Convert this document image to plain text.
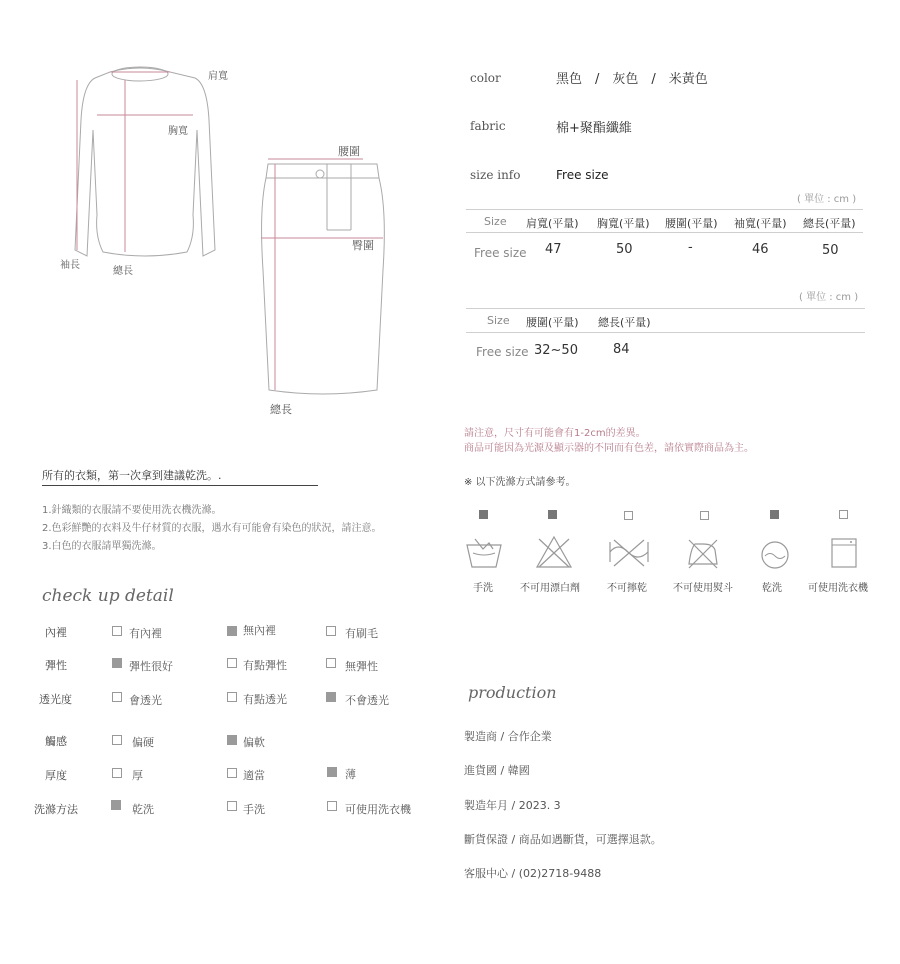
肩寬
胸寬
袖長
總長
腰圍
臀圍
總長
color	黑色　/　灰色　/　米黃色
fabric	棉+聚酯纖維
size info	Free size
( 單位 : cm )
Size 肩寬(平量) 胸寬(平量) 腰圍(平量) 袖寬(平量) 總長(平量)
Free size 47	50	-	46	50
( 單位 : cm )
Size 腰圍(平量) 總長(平量)
Free size 32~50	84
請注意，尺寸有可能會有1-2cm的差異。
商品可能因為光源及顯示器的不同而有色差，請依實際商品為主。
※ 以下洗滌方式請參考。
手洗	不可用漂白劑	不可擰乾	不可使用熨斗	乾洗	可使用洗衣機
所有的衣類，第一次拿到建議乾洗。.
1.針織類的衣服請不要使用洗衣機洗滌。
2.色彩鮮艷的衣料及牛仔材質的衣服，遇水有可能會有染色的狀況，請注意。
3.白色的衣服請單獨洗滌。
check up detail
內裡	有內裡	無內裡	有刷毛
彈性	彈性很好	有點彈性	無彈性
透光度	會透光	有點透光	不會透光
觸感	偏硬	偏軟
厚度	厚	適當	薄
洗滌方法	乾洗	手洗	可使用洗衣機
production
製造商 / 合作企業
進貨國 / 韓國
製造年月 / 2023. 3
斷貨保證 / 商品如遇斷貨，可選擇退款。
客服中心 / (02)2718-9488
